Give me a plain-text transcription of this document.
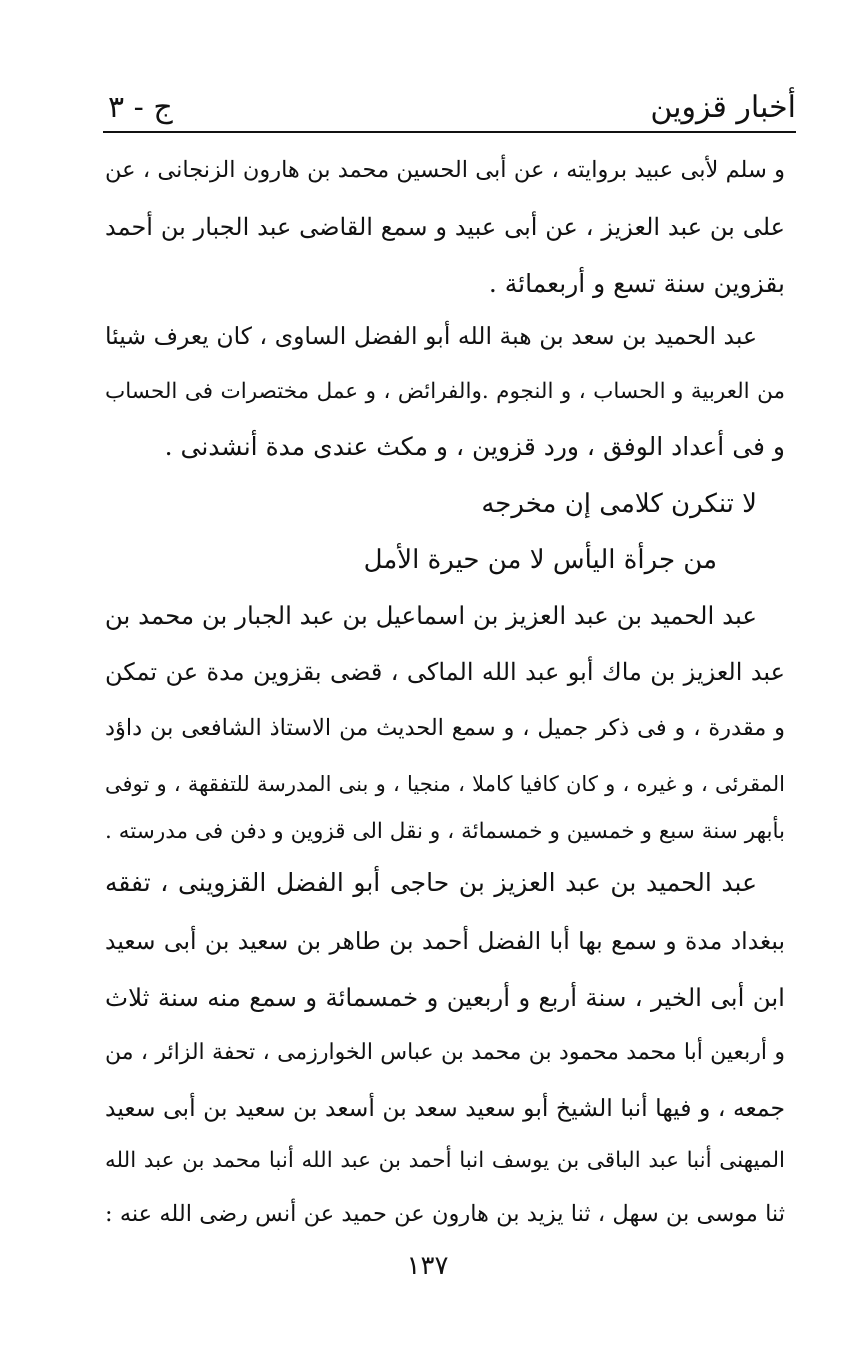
أخبار قزوين
ج - ٣
و سلم لأبى عبيد بروايته ، عن أبى الحسين محمد بن هارون الزنجانى ، عن
على بن عبد العزيز ، عن أبى عبيد و سمع القاضى عبد الجبار بن أحمد
بقزوين سنة تسع و أربعمائة .
عبد الحميد بن سعد بن هبة الله أبو الفضل الساوى ، كان يعرف شيئا
من العربية و الحساب ، و النجوم .والفرائض ، و عمل مختصرات فى الحساب
و فى أعداد الوفق ، ورد قزوين ، و مكث عندى مدة أنشدنى .
لا تنكرن كلامى إن مخرجه
من جرأة اليأس لا من حيرة الأمل
عبد الحميد بن عبد العزيز بن اسماعيل بن عبد الجبار بن محمد بن
عبد العزيز بن ماك أبو عبد الله الماكى ، قضى بقزوين مدة عن تمكن
و مقدرة ، و فى ذكر جميل ، و سمع الحديث من الاستاذ الشافعى بن داؤد
المقرئى ، و غيره ، و كان كافيا كاملا ، منجيا ، و بنى المدرسة للتفقهة ، و توفى
بأبهر سنة سبع و خمسين و خمسمائة ، و نقل الى قزوين و دفن فى مدرسته .
عبد الحميد بن عبد العزيز بن حاجى أبو الفضل القزوينى ، تفقه
ببغداد مدة و سمع بها أبا الفضل أحمد بن طاهر بن سعيد بن أبى سعيد
ابن أبى الخير ، سنة أربع و أربعين و خمسمائة و سمع منه سنة ثلاث
و أربعين أبا محمد محمود بن محمد بن عباس الخوارزمى ، تحفة الزائر ، من
جمعه ، و فيها أنبا الشيخ أبو سعيد سعد بن أسعد بن سعيد بن أبى سعيد
الميهنى أنبا عبد الباقى بن يوسف انبا أحمد بن عبد الله أنبا محمد بن عبد الله
ثنا موسى بن سهل ، ثنا يزيد بن هارون عن حميد عن أنس رضى الله عنه :
١٣٧
